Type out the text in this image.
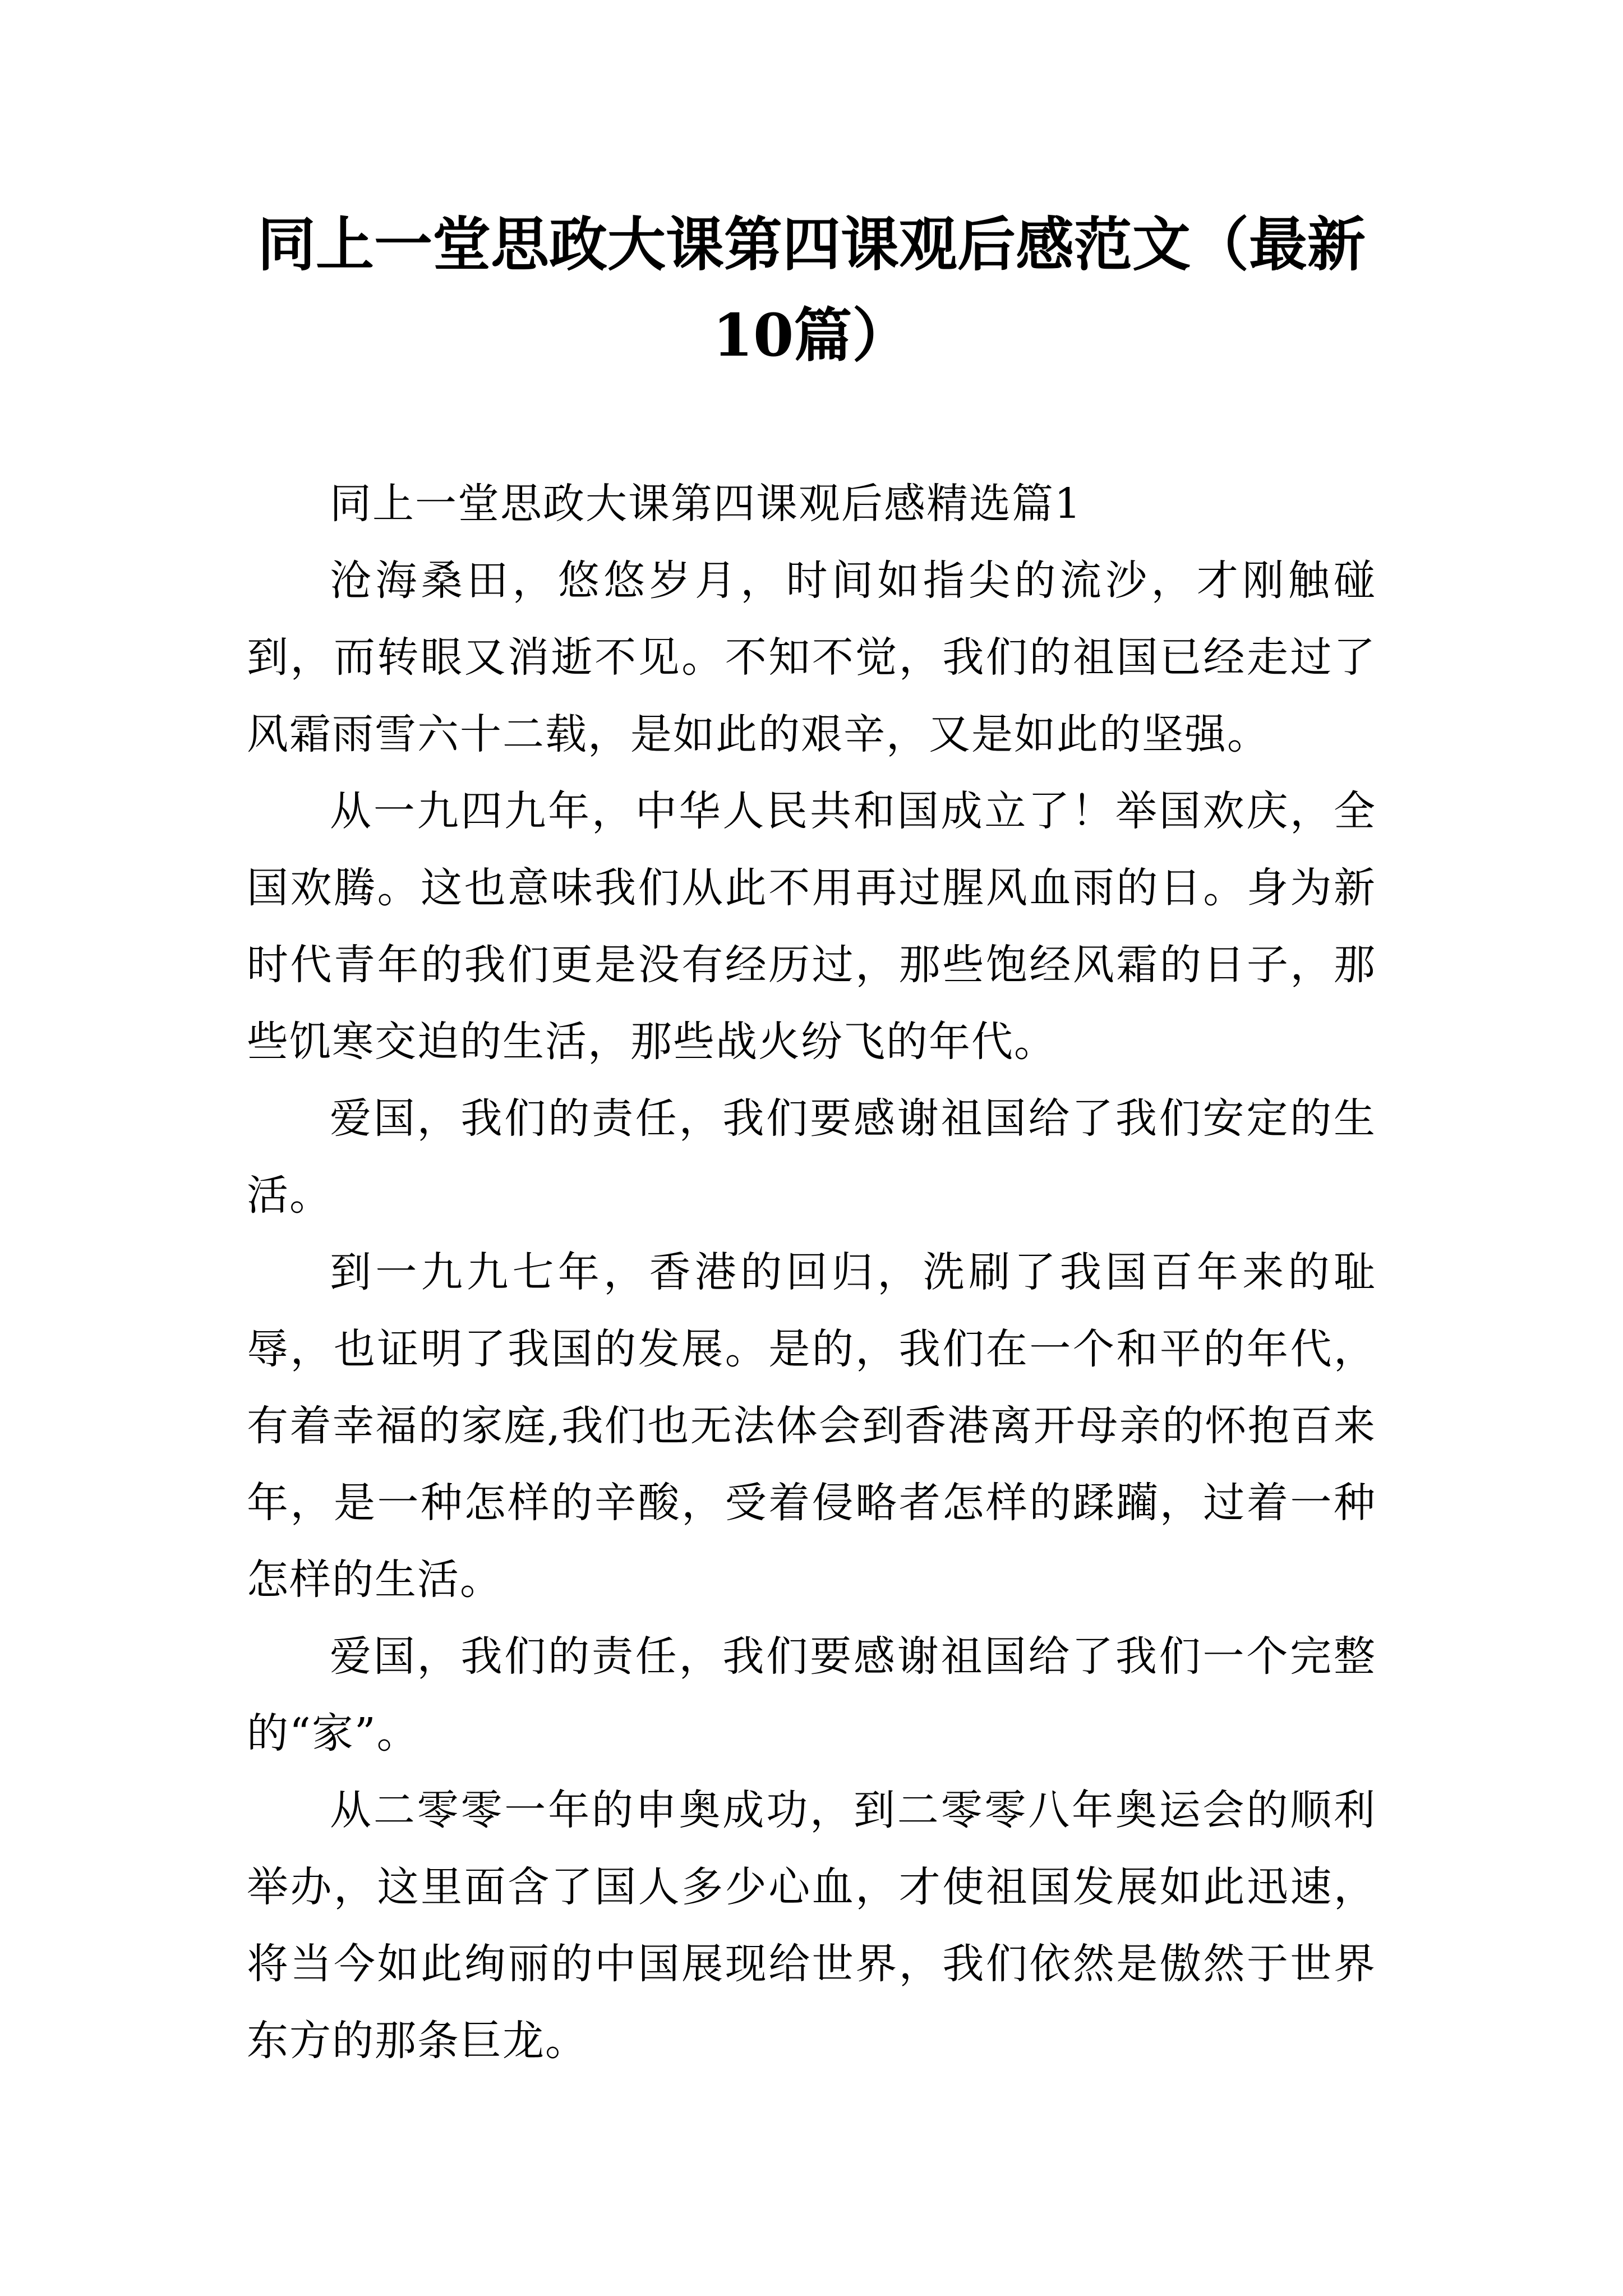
同上一堂思政大课第四课观后感范文（最新10篇）

同上一堂思政大课第四课观后感精选篇1

沧海桑田，悠悠岁月，时间如指尖的流沙，才刚触碰到，而转眼又消逝不见。不知不觉，我们的祖国已经走过了风霜雨雪六十二载，是如此的艰辛，又是如此的坚强。

从一九四九年，中华人民共和国成立了！举国欢庆，全国欢腾。这也意味我们从此不用再过腥风血雨的日。身为新时代青年的我们更是没有经历过，那些饱经风霜的日子，那些饥寒交迫的生活，那些战火纷飞的年代。

爱国，我们的责任，我们要感谢祖国给了我们安定的生活。

到一九九七年，香港的回归，洗刷了我国百年来的耻辱，也证明了我国的发展。是的，我们在一个和平的年代，有着幸福的家庭,我们也无法体会到香港离开母亲的怀抱百来年，是一种怎样的辛酸，受着侵略者怎样的蹂躏，过着一种怎样的生活。

爱国，我们的责任，我们要感谢祖国给了我们一个完整的“家”。

从二零零一年的申奥成功，到二零零八年奥运会的顺利举办，这里面含了国人多少心血，才使祖国发展如此迅速，将当今如此绚丽的中国展现给世界，我们依然是傲然于世界东方的那条巨龙。
